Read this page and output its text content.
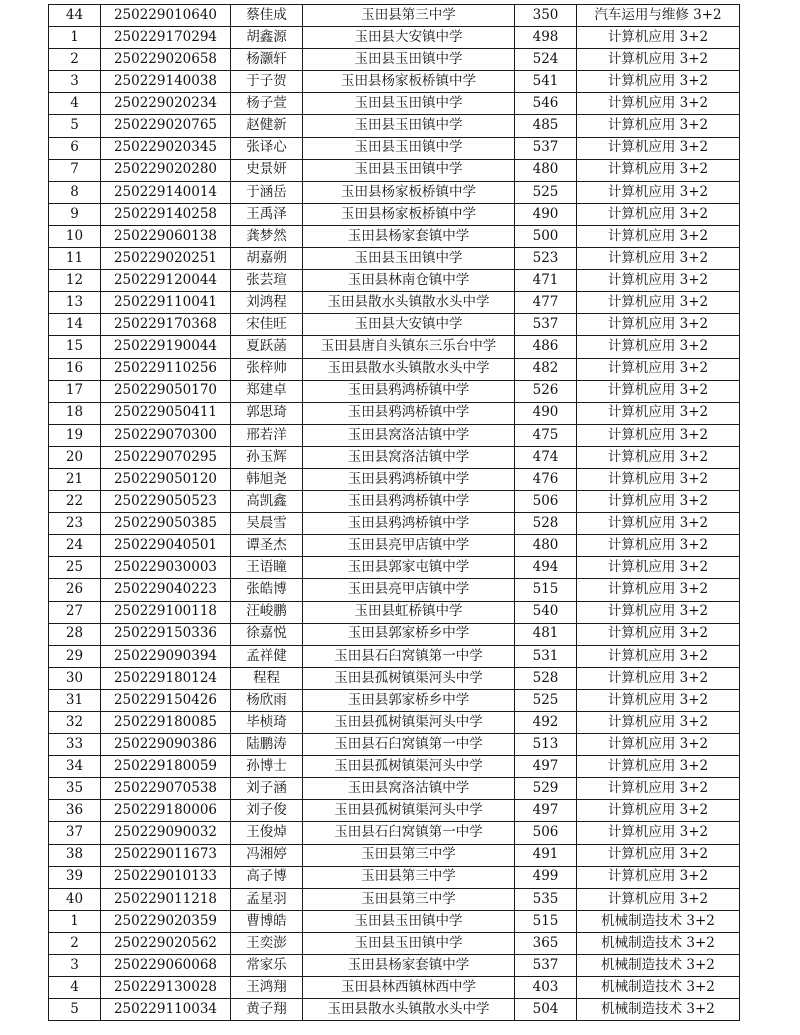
44	250229010640	蔡佳成	玉田县第三中学	350	汽车运用与维修 3+2
1	250229170294	胡鑫源	玉田县大安镇中学	498	计算机应用 3+2
2	250229020658	杨灏轩	玉田县玉田镇中学	524	计算机应用 3+2
3	250229140038	于子贺	玉田县杨家板桥镇中学	541	计算机应用 3+2
4	250229020234	杨子萱	玉田县玉田镇中学	546	计算机应用 3+2
5	250229020765	赵健新	玉田县玉田镇中学	485	计算机应用 3+2
6	250229020345	张译心	玉田县玉田镇中学	537	计算机应用 3+2
7	250229020280	史景妍	玉田县玉田镇中学	480	计算机应用 3+2
8	250229140014	于涵岳	玉田县杨家板桥镇中学	525	计算机应用 3+2
9	250229140258	王禹泽	玉田县杨家板桥镇中学	490	计算机应用 3+2
10	250229060138	龚梦然	玉田县杨家套镇中学	500	计算机应用 3+2
11	250229020251	胡嘉朔	玉田县玉田镇中学	523	计算机应用 3+2
12	250229120044	张芸瑄	玉田县林南仓镇中学	471	计算机应用 3+2
13	250229110041	刘鸿程	玉田县散水头镇散水头中学	477	计算机应用 3+2
14	250229170368	宋佳旺	玉田县大安镇中学	537	计算机应用 3+2
15	250229190044	夏跃菡	玉田县唐自头镇东三乐台中学	486	计算机应用 3+2
16	250229110256	张梓帅	玉田县散水头镇散水头中学	482	计算机应用 3+2
17	250229050170	郑建卓	玉田县鸦鸿桥镇中学	526	计算机应用 3+2
18	250229050411	郭思琦	玉田县鸦鸿桥镇中学	490	计算机应用 3+2
19	250229070300	邢若洋	玉田县窝洛沽镇中学	475	计算机应用 3+2
20	250229070295	孙玉辉	玉田县窝洛沽镇中学	474	计算机应用 3+2
21	250229050120	韩旭尧	玉田县鸦鸿桥镇中学	476	计算机应用 3+2
22	250229050523	高凯鑫	玉田县鸦鸿桥镇中学	506	计算机应用 3+2
23	250229050385	吴晨雪	玉田县鸦鸿桥镇中学	528	计算机应用 3+2
24	250229040501	谭圣杰	玉田县亮甲店镇中学	480	计算机应用 3+2
25	250229030003	王语瞳	玉田县郭家屯镇中学	494	计算机应用 3+2
26	250229040223	张皓博	玉田县亮甲店镇中学	515	计算机应用 3+2
27	250229100118	汪峻鹏	玉田县虹桥镇中学	540	计算机应用 3+2
28	250229150336	徐嘉悦	玉田县郭家桥乡中学	481	计算机应用 3+2
29	250229090394	孟祥健	玉田县石臼窝镇第一中学	531	计算机应用 3+2
30	250229180124	程程	玉田县孤树镇渠河头中学	528	计算机应用 3+2
31	250229150426	杨欣雨	玉田县郭家桥乡中学	525	计算机应用 3+2
32	250229180085	毕桢琦	玉田县孤树镇渠河头中学	492	计算机应用 3+2
33	250229090386	陆鹏涛	玉田县石臼窝镇第一中学	513	计算机应用 3+2
34	250229180059	孙博士	玉田县孤树镇渠河头中学	497	计算机应用 3+2
35	250229070538	刘子涵	玉田县窝洛沽镇中学	529	计算机应用 3+2
36	250229180006	刘子俊	玉田县孤树镇渠河头中学	497	计算机应用 3+2
37	250229090032	王俊焯	玉田县石臼窝镇第一中学	506	计算机应用 3+2
38	250229011673	冯湘婷	玉田县第三中学	491	计算机应用 3+2
39	250229010133	高子博	玉田县第三中学	499	计算机应用 3+2
40	250229011218	孟星羽	玉田县第三中学	535	计算机应用 3+2
1	250229020359	曹博皓	玉田县玉田镇中学	515	机械制造技术 3+2
2	250229020562	王奕澎	玉田县玉田镇中学	365	机械制造技术 3+2
3	250229060068	常家乐	玉田县杨家套镇中学	537	机械制造技术 3+2
4	250229130028	王鸿翔	玉田县林西镇林西中学	403	机械制造技术 3+2
5	250229110034	黄子翔	玉田县散水头镇散水头中学	504	机械制造技术 3+2
